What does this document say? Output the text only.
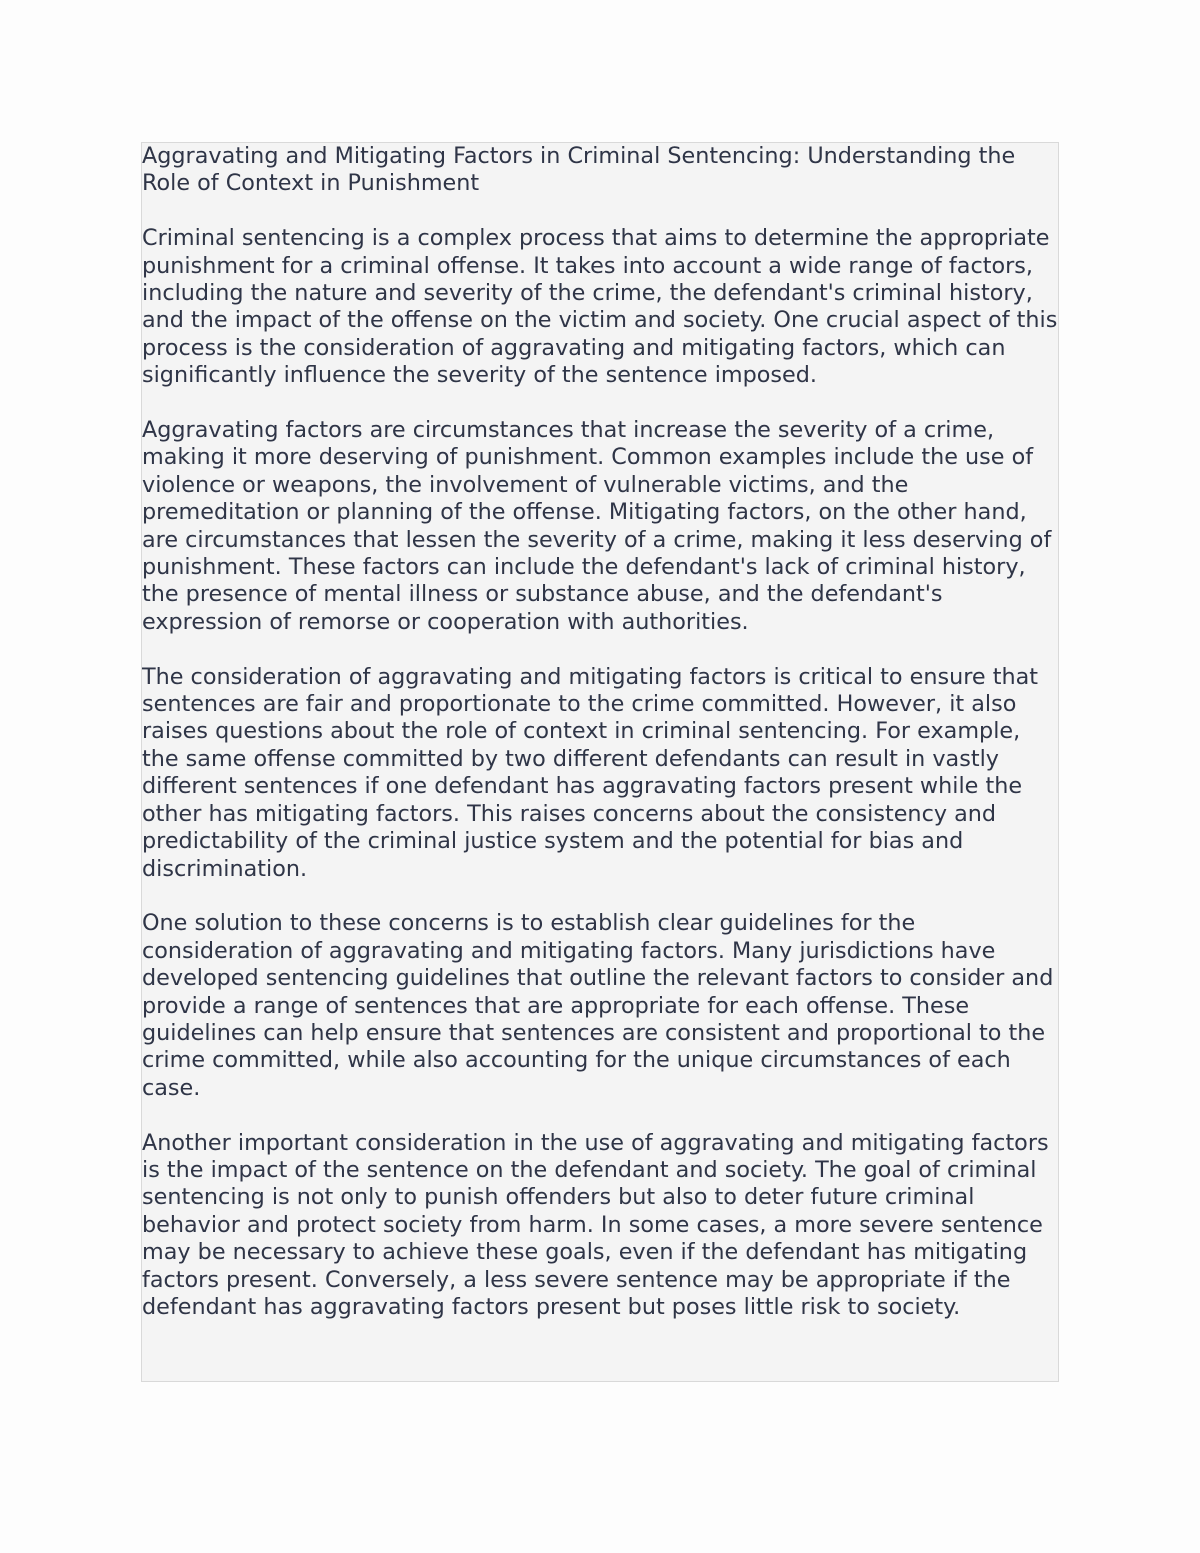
Aggravating and Mitigating Factors in Criminal Sentencing: Understanding the Role of Context in Punishment

Criminal sentencing is a complex process that aims to determine the appropriate punishment for a criminal offense. It takes into account a wide range of factors, including the nature and severity of the crime, the defendant's criminal history, and the impact of the offense on the victim and society. One crucial aspect of this process is the consideration of aggravating and mitigating factors, which can significantly influence the severity of the sentence imposed.

Aggravating factors are circumstances that increase the severity of a crime, making it more deserving of punishment. Common examples include the use of violence or weapons, the involvement of vulnerable victims, and the premeditation or planning of the offense. Mitigating factors, on the other hand, are circumstances that lessen the severity of a crime, making it less deserving of punishment. These factors can include the defendant's lack of criminal history, the presence of mental illness or substance abuse, and the defendant's expression of remorse or cooperation with authorities.

The consideration of aggravating and mitigating factors is critical to ensure that sentences are fair and proportionate to the crime committed. However, it also raises questions about the role of context in criminal sentencing. For example, the same offense committed by two different defendants can result in vastly different sentences if one defendant has aggravating factors present while the other has mitigating factors. This raises concerns about the consistency and predictability of the criminal justice system and the potential for bias and discrimination.

One solution to these concerns is to establish clear guidelines for the consideration of aggravating and mitigating factors. Many jurisdictions have developed sentencing guidelines that outline the relevant factors to consider and provide a range of sentences that are appropriate for each offense. These guidelines can help ensure that sentences are consistent and proportional to the crime committed, while also accounting for the unique circumstances of each case.

Another important consideration in the use of aggravating and mitigating factors is the impact of the sentence on the defendant and society. The goal of criminal sentencing is not only to punish offenders but also to deter future criminal behavior and protect society from harm. In some cases, a more severe sentence may be necessary to achieve these goals, even if the defendant has mitigating factors present. Conversely, a less severe sentence may be appropriate if the defendant has aggravating factors present but poses little risk to society.
